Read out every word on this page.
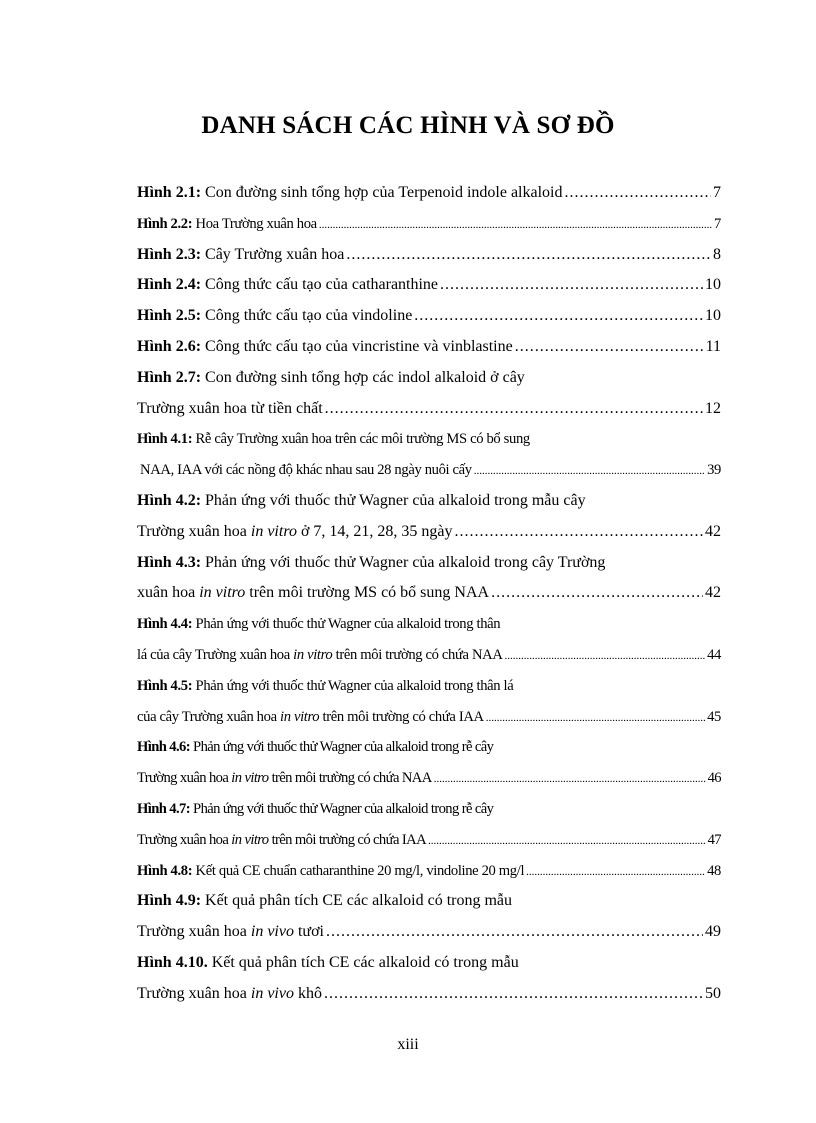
DANH SÁCH CÁC HÌNH VÀ SƠ ĐỒ
Hình 2.1: Con đường sinh tổng hợp của Terpenoid indole alkaloid .....	7
Hình 2.2: Hoa Trường xuân hoa .....	7
Hình 2.3: Cây Trường xuân hoa .....	8
Hình 2.4: Công thức cấu tạo của catharanthine .....	10
Hình 2.5: Công thức cấu tạo của vindoline .....	10
Hình 2.6: Công thức cấu tạo của vincristine và vinblastine .....	11
Hình 2.7: Con đường sinh tổng hợp các indol alkaloid ở cây
Trường xuân hoa từ tiền chất .....	12
Hình 4.1: Rễ cây Trường xuân hoa trên các môi trường MS có bổ sung
NAA, IAA với các nồng độ khác nhau sau 28 ngày nuôi cấy .....	39
Hình 4.2: Phản ứng với thuốc thử Wagner của alkaloid trong mẫu cây
Trường xuân hoa in vitro ở 7, 14, 21, 28, 35 ngày .....	42
Hình 4.3: Phản ứng với thuốc thử Wagner của alkaloid trong cây Trường
xuân hoa in vitro trên môi trường MS có bổ sung NAA .....	42
Hình 4.4: Phản ứng với thuốc thử Wagner của alkaloid trong thân
lá của cây Trường xuân hoa in vitro trên môi trường có chứa NAA .....	44
Hình 4.5: Phản ứng với thuốc thử Wagner của alkaloid trong thân lá
của cây Trường xuân hoa in vitro trên môi trường có chứa IAA .....	45
Hình 4.6: Phản ứng với thuốc thử Wagner của alkaloid trong rễ cây
Trường xuân hoa in vitro trên môi trường có chứa NAA .....	46
Hình 4.7: Phản ứng với thuốc thử Wagner của alkaloid trong rễ cây
Trường xuân hoa in vitro trên môi trường có chứa IAA .....	47
Hình 4.8: Kết quả CE chuẩn catharanthine 20 mg/l, vindoline 20 mg/l .....	48
Hình 4.9: Kết quả phân tích CE các alkaloid có trong mẫu
Trường xuân hoa in vivo tươi .....	49
Hình 4.10. Kết quả phân tích CE các alkaloid có trong mẫu
Trường xuân hoa in vivo khô .....	50
xiii
